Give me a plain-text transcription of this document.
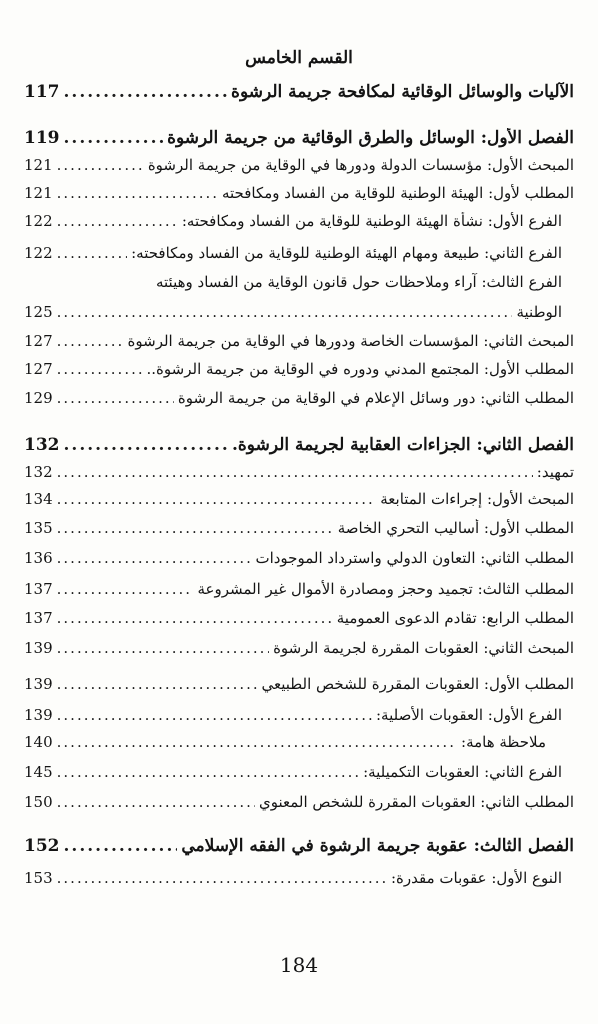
القسم الخامس
الآليات والوسائل الوقائية لمكافحة جريمة الرشوة
.....
117
الفصل الأول: الوسائل والطرق الوقائية من جريمة الرشوة
.....
119
المبحث الأول: مؤسسات الدولة ودورها في الوقاية من جريمة الرشوة
.....
121
المطلب لأول: الهيئة الوطنية للوقاية من الفساد ومكافحته
.....
121
الفرع الأول: نشأة الهيئة الوطنية للوقاية من الفساد ومكافحته:
.....
122
الفرع الثاني: طبيعة ومهام الهيئة الوطنية للوقاية من الفساد ومكافحته:
.....
122
الفرع الثالث: آراء وملاحظات حول قانون الوقاية من الفساد وهيئته
الوطنية
.....
125
المبحث الثاني: المؤسسات الخاصة ودورها في الوقاية من جريمة الرشوة
.....
127
المطلب الأول: المجتمع المدني ودوره في الوقاية من جريمة الرشوة..
.....
127
المطلب الثاني: دور وسائل الإعلام في الوقاية من جريمة الرشوة
.....
129
الفصل الثاني: الجزاءات العقابية لجريمة الرشوة.
.....
132
تمهيد:
.....
132
المبحث الأول: إجراءات المتابعة
.....
134
المطلب الأول: أساليب التحري الخاصة
.....
135
المطلب الثاني: التعاون الدولي واسترداد الموجودات
.....
136
المطلب الثالث: تجميد وحجز ومصادرة الأموال غير المشروعة
.....
137
المطلب الرابع: تقادم الدعوى العمومية
.....
137
المبحث الثاني: العقوبات المقررة لجريمة الرشوة
.....
139
المطلب الأول: العقوبات المقررة للشخص الطبيعي
.....
139
الفرع الأول: العقوبات الأصلية:
.....
139
ملاحظة هامة:
.....
140
الفرع الثاني: العقوبات التكميلية:
.....
145
المطلب الثاني: العقوبات المقررة للشخص المعنوي
.....
150
الفصل الثالث: عقوبة جريمة الرشوة في الفقه الإسلامي
.....
152
النوع الأول: عقوبات مقدرة:
.....
153
184
